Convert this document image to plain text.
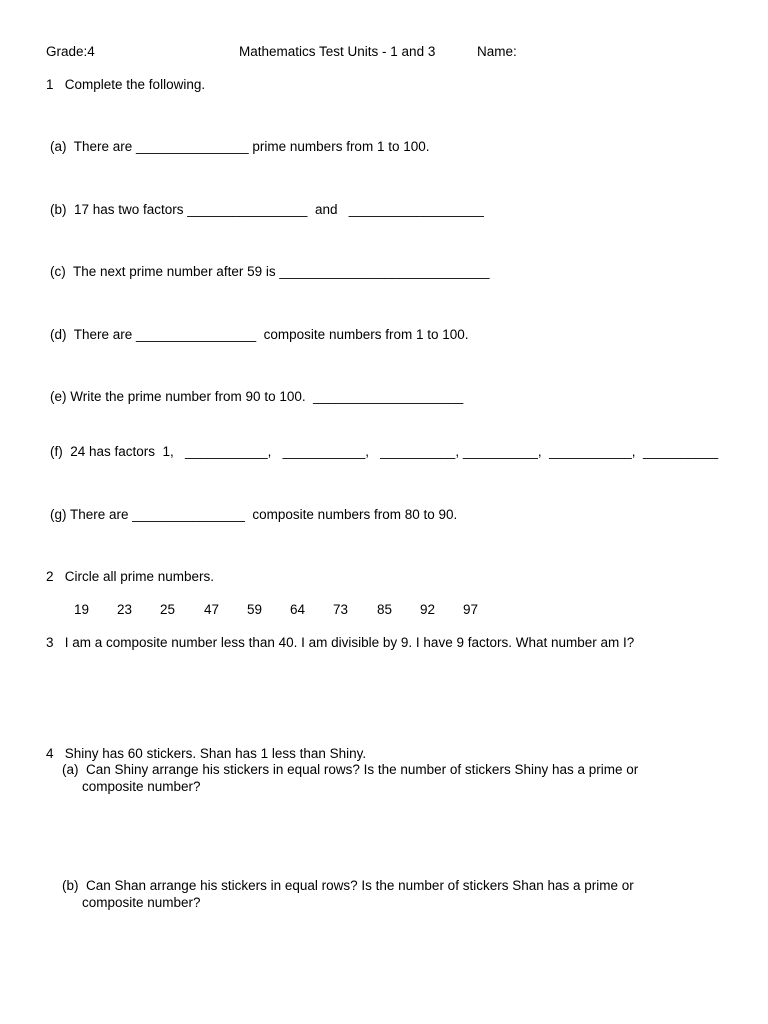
Grade:4	Mathematics Test Units - 1 and 3	Name:
1   Complete the following.
(a)  There are _______________ prime numbers from 1 to 100.
(b)  17 has two factors ________________  and   __________________
(c)  The next prime number after 59 is ____________________________
(d)  There are ________________  composite numbers from 1 to 100.
(e) Write the prime number from 90 to 100.  ____________________
(f)  24 has factors  1,   ___________,   ___________,   __________, __________,  ___________,  __________
(g) There are _______________  composite numbers from 80 to 90.
2   Circle all prime numbers.
19 23 25 47 59 64 73 85 92 97
3   I am a composite number less than 40. I am divisible by 9. I have 9 factors. What number am I?
4   Shiny has 60 stickers. Shan has 1 less than Shiny.
(a)  Can Shiny arrange his stickers in equal rows? Is the number of stickers Shiny has a prime or
composite number?
(b)  Can Shan arrange his stickers in equal rows? Is the number of stickers Shan has a prime or
composite number?
